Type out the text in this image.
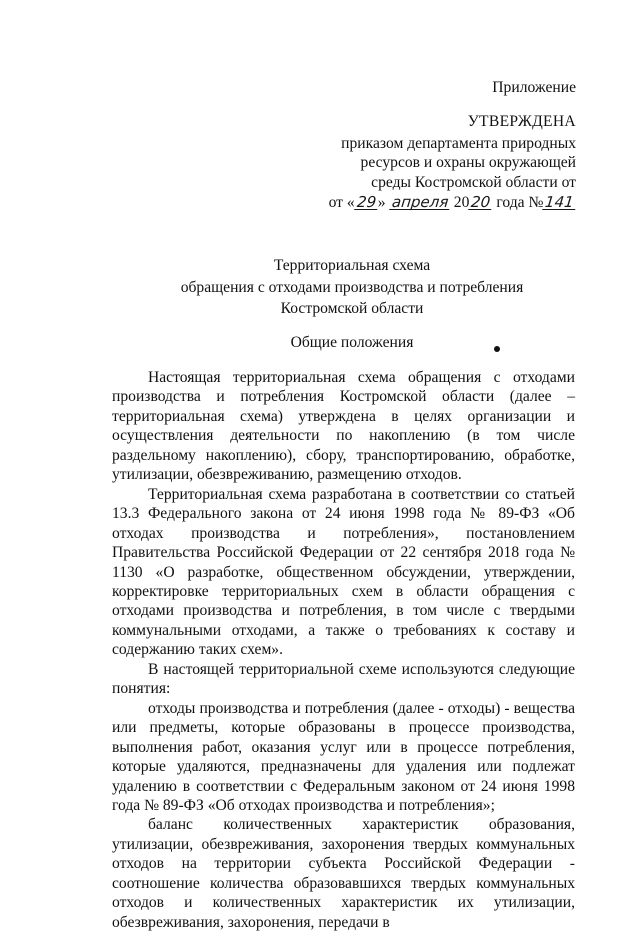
Приложение

УТВЕРЖДЕНА

приказом департамента природных

ресурсов и охраны окружающей

среды Костромской области от

от «29» апреля 2020 года №141

Территориальная схема

обращения с отходами производства и потребления

Костромской области

Общие положения

Настоящая территориальная схема обращения с отходами производства и потребления Костромской области (далее – территориальная схема) утверждена в целях организации и осуществления деятельности по накоплению (в том числе раздельному накоплению), сбору, транспортированию, обработке, утилизации, обезвреживанию, размещению отходов.

Территориальная схема разработана в соответствии со статьей 13.3 Федерального закона от 24 июня 1998 года № 89-ФЗ «Об отходах производства и потребления», постановлением Правительства Российской Федерации от 22 сентября 2018 года № 1130 «О разработке, общественном обсуждении, утверждении, корректировке территориальных схем в области обращения с отходами производства и потребления, в том числе с твердыми коммунальными отходами, а также о требованиях к составу и содержанию таких схем».

В настоящей территориальной схеме используются следующие понятия:

отходы производства и потребления (далее - отходы) - вещества или предметы, которые образованы в процессе производства, выполнения работ, оказания услуг или в процессе потребления, которые удаляются, предназначены для удаления или подлежат удалению в соответствии с Федеральным законом от 24 июня 1998 года № 89-ФЗ «Об отходах производства и потребления»;

баланс количественных характеристик образования, утилизации, обезвреживания, захоронения твердых коммунальных отходов на территории субъекта Российской Федерации - соотношение количества образовавшихся твердых коммунальных отходов и количественных характеристик их утилизации, обезвреживания, захоронения, передачи в
